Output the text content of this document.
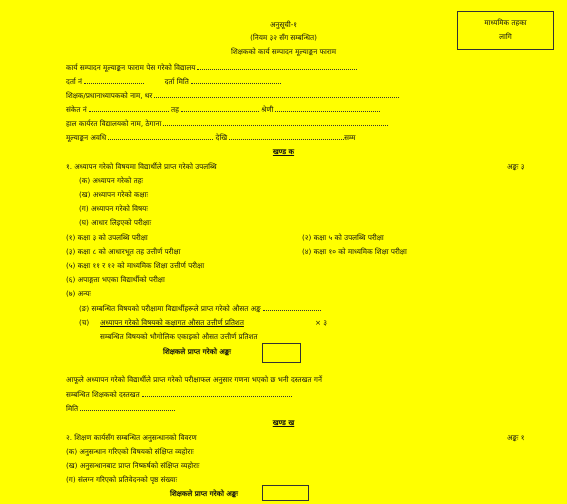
माध्यमिक तहका
लागि
अनुसूची-१
(नियम ३२ सँग सम्बन्धित)
शिक्षकको कार्य सम्पादन मूल्याङ्कन फाराम
कार्य सम्पादन मूल्याङ्कन फाराम पेस गरेको विद्यालय
दर्ता नं	दर्ता मिति
शिक्षक/प्रधानाध्यापकको नाम, थर
संकेत नं	तह	श्रेणी
हाल कार्यरत विद्यालयको नाम, ठेगाना
मूल्याङ्कन अवधि	देखि	सम्म
खण्ड क
१. अध्यापन गरेको विषयमा विद्यार्थीले प्राप्त गरेको उपलब्धि	अङ्कः ३
(क) अध्यापन गरेको तहः
(ख) अध्यापन गरेको कक्षाः
(ग) अध्यापन गरेको विषयः
(घ) आधार लिइएको परीक्षाः
(१) कक्षा ३ को उपलब्धि परीक्षा	(२) कक्षा ५ को उपलब्धि परीक्षा
(३) कक्षा ८ को आधारभूत तह उत्तीर्ण परीक्षा	(४) कक्षा १० को माध्यमिक शिक्षा परीक्षा
(५) कक्षा ११ र १२ को माध्यमिक शिक्षा उत्तीर्ण परीक्षा
(६) अपाङ्गता भएका विद्यार्थीको परीक्षा
(७) अन्यः
(ङ) सम्बन्धित विषयको परीक्षामा विद्यार्थीहरूले प्राप्त गरेको औसत अङ्क
(च) अध्यापन गरेको विषयको कक्षागत औसत उत्तीर्ण प्रतिशत	× ३
सम्बन्धित विषयको भौगोलिक एकाइको औसत उत्तीर्ण प्रतिशत
शिक्षकले प्राप्त गरेको अङ्कः
आफूले अध्यापन गरेको विद्यार्थीले प्राप्त गरेको परीक्षाफल अनुसार गणना भएको छ भनी दस्तखत गर्ने
सम्बन्धित शिक्षकको दस्तखत
मिति
खण्ड ख
२. शिक्षण कार्यसँग सम्बन्धित अनुसन्धानको विवरण	अङ्कः १
(क) अनुसन्धान गरिएको विषयको संक्षिप्त व्यहोराः
(ख) अनुसन्धानबाट प्राप्त निष्कर्षको संक्षिप्त व्यहोराः
(ग) संलग्न गरिएको प्रतिवेदनको पृष्ठ संख्याः
शिक्षकले प्राप्त गरेको अङ्कः
